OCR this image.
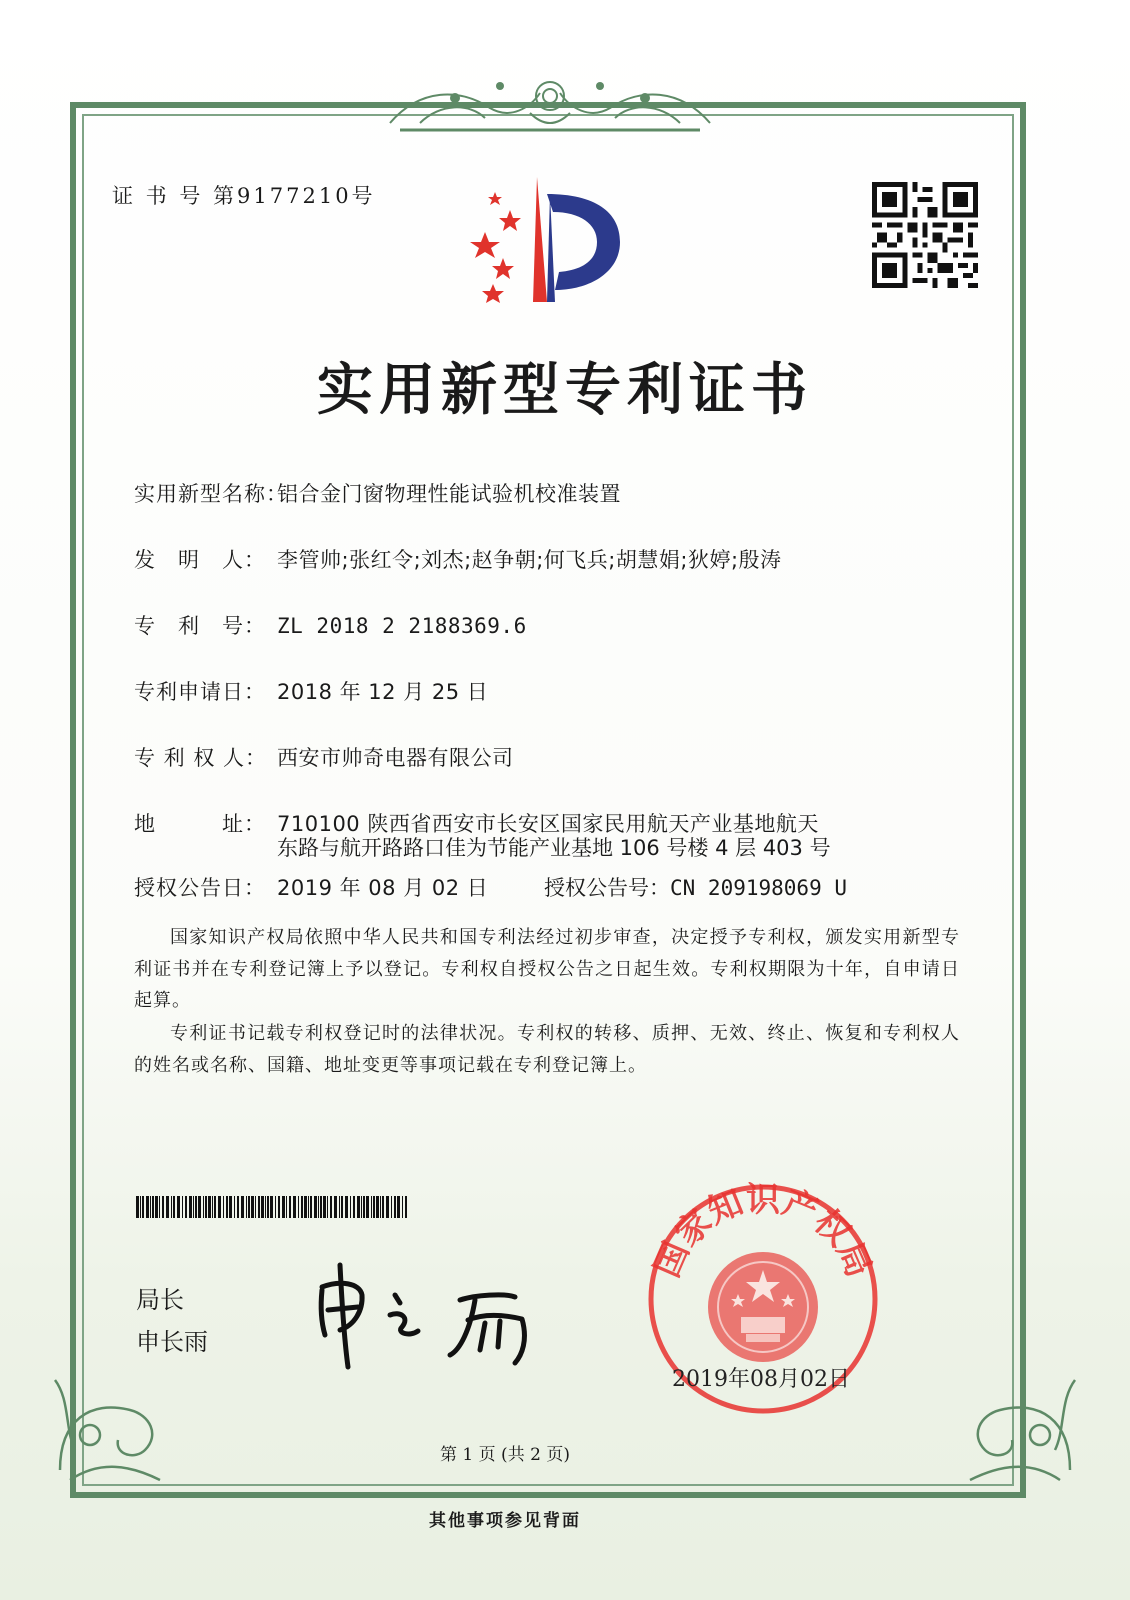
证 书 号 第9177210号
实用新型专利证书
实用新型名称：铝合金门窗物理性能试验机校准装置
发　明　人： 李管帅;张红令;刘杰;赵争朝;何飞兵;胡慧娟;狄婷;殷涛
专　利　号： ZL 2018 2 2188369.6
专利申请日： 2018 年 12 月 25 日
专 利 权 人： 西安市帅奇电器有限公司
地　　　址： 710100 陕西省西安市长安区国家民用航天产业基地航天
东路与航开路路口佳为节能产业基地 106 号楼 4 层 403 号
授权公告日： 2019 年 08 月 02 日	授权公告号：CN 209198069 U
国家知识产权局依照中华人民共和国专利法经过初步审查，决定授予专利权，颁发实用新型专利证书并在专利登记簿上予以登记。专利权自授权公告之日起生效。专利权期限为十年，自申请日起算。
专利证书记载专利权登记时的法律状况。专利权的转移、质押、无效、终止、恢复和专利权人的姓名或名称、国籍、地址变更等事项记载在专利登记簿上。
局长
申长雨
国家知识产权局
2019年08月02日
第 1 页 (共 2 页)
其他事项参见背面
